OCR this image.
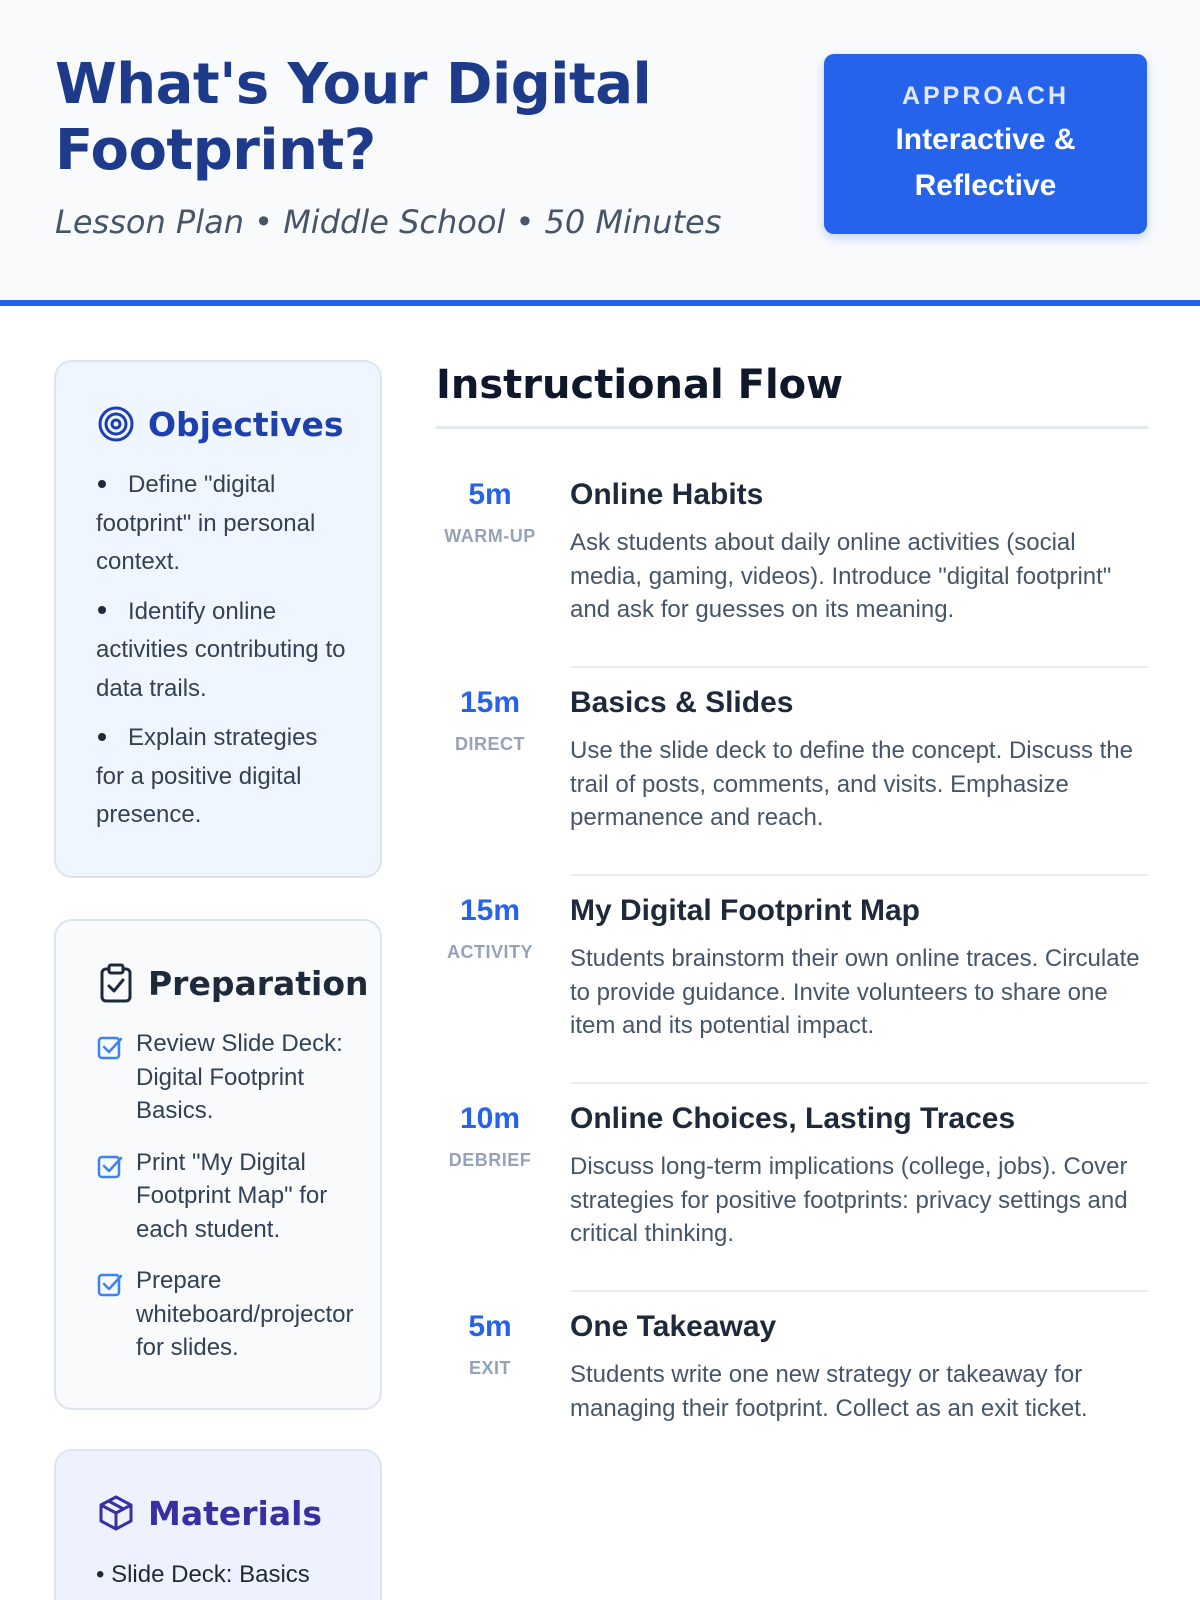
What's Your Digital Footprint?
Lesson Plan • Middle School • 50 Minutes
APPROACH
Interactive & Reflective
Objectives
Define "digital footprint" in personal context.
Identify online activities contributing to data trails.
Explain strategies for a positive digital presence.
Preparation
Review Slide Deck: Digital Footprint Basics.
Print "My Digital Footprint Map" for each student.
Prepare whiteboard/projector for slides.
Materials
• Slide Deck: Basics
Instructional Flow
5m
WARM-UP
Online Habits
Ask students about daily online activities (social media, gaming, videos). Introduce "digital footprint" and ask for guesses on its meaning.
15m
DIRECT
Basics & Slides
Use the slide deck to define the concept. Discuss the trail of posts, comments, and visits. Emphasize permanence and reach.
15m
ACTIVITY
My Digital Footprint Map
Students brainstorm their own online traces. Circulate to provide guidance. Invite volunteers to share one item and its potential impact.
10m
DEBRIEF
Online Choices, Lasting Traces
Discuss long-term implications (college, jobs). Cover strategies for positive footprints: privacy settings and critical thinking.
5m
EXIT
One Takeaway
Students write one new strategy or takeaway for managing their footprint. Collect as an exit ticket.
